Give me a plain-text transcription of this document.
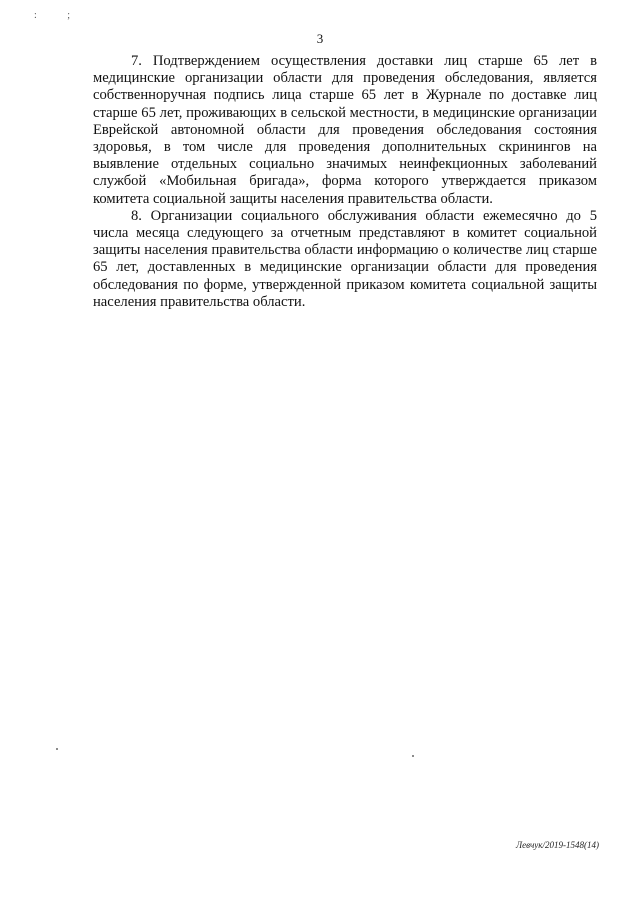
: ;
3

7. Подтверждением осуществления доставки лиц старше 65 лет в медицинские организации области для проведения обследования, является собственноручная подпись лица старше 65 лет в Журнале по доставке лиц старше 65 лет, проживающих в сельской местности, в медицинские организации Еврейской автономной области для проведения обследования состояния здоровья, в том числе для проведения дополнительных скринингов на выявление отдельных социально значимых неинфекционных заболеваний службой «Мобильная бригада», форма которого утверждается приказом комитета социальной защиты населения правительства области.

8. Организации социального обслуживания области ежемесячно до 5 числа месяца следующего за отчетным представляют в комитет социальной защиты населения правительства области информацию о количестве лиц старше 65 лет, доставленных в медицинские организации области для проведения обследования по форме, утвержденной приказом комитета социальной защиты населения правительства области.

Левчук/2019-1548(14)
